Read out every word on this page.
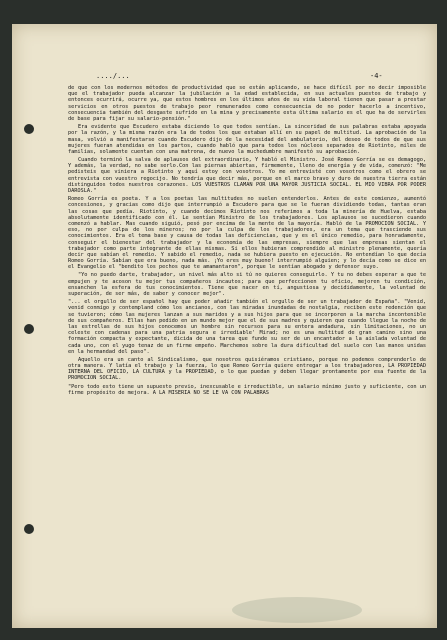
..../...	-4-

de que con los modernos métodos de productividad que se están aplicando, se hace difícil por no decir imposible que el trabajador pueda alcanzar la jubilación a la edad establecida, en sus actuales puestos de trabajo y entonces ocurrirá, ocurre ya, que estos hombres en los últimos años de su vida laboral tienen que pasar a prestar servicios en otros puestos de trabajo peor remunerados como consecuencia de no poder hacerlo a incentivo, consecuencia también del desgaste sufrido en la mina y precisamente esta última salario es el que ha de servirles de base para fijar su salario-pensión."

Era evidente que Escudero estaba diciendo lo que todos sentían. La sinceridad de sus palabras estaba apoyada por la razón, y la misma razón era la de todos los que estaban allí en su papel de multitud. La aprobación de la masa, volvió a manifestarse cuando Escudero dijo de la necesidad del ambulatorio, del deseo de todos de que sus mujeres fueran atendidas en los partos, cuando habló que para todos los núcleos separados de Riotinto, miles de familias, solamente cuentan con una matrona, de nuevo la muchedumbre manifestó su aprobación.

Cuando terminó la salva de aplausos del extraordinario, Y habló el Ministro. José Romeo Gorría se es demagogo, Y además, la verdad, no sabe serlo.Con las piernas abiertas, firmemente, lleno de energía y de vida, comenzó: "Me pedisteis que viniera a Riotinto y aquí estoy con vosotros. Yo me entrevisté con vosotros como el obrero se entrevista con vuestro regocijo. No tendría que decir más, porque en el marco bravo y duro de nuestra tierra están distinguidos todos nuestros corazones. LOS VUESTROS CLAMAN POR UNA MAYOR JUSTICIA SOCIAL. EL MIO VIBRA POR PODER DAROSLA."

Romeo Gorría es poeta. Y a los poetas las multitudes no suelen entenderlos. Antes de este comienzo, aumentó concesiones, y gracias como dijo que interrumpió a Escudero para que se le fueran dividiendo todas, tantas eran las cosas que pedía. Riotinto, y cuando decimos Riotinto nos referimos a toda la minería de Huelva, estaba absolutamente identificado con él. Le sentían Ministro de los trabajadores. Los aplausos se sucedieron cuando comenzó a hablar. Mas cuando siguió, pesó por encima de la mente de la mayoría. Habló de la PROMOCION SOCIAL. Y eso, no por culpa de los mineros; no por la culpa de los trabajadores, era un tema que trasciende sus conocimientos. Era el tema base y causa de todas las deficiencias, que y es el único remedio, para honradamente, conseguir el bienestar del trabajador y la economía de las empresas, siempre que las empresas sientan el trabajador como parte integrante de ellas mismas. Si ellos hubieran comprendido al ministro plenamente, quería decir que sabían el remedio. Y sabido el remedio, nada se hubiera puesto en ejecución. No entendían lo que decía Romeo Gorría. Sabían que era bueno, nada más. ¡Yo eres muy bueno! interrumpió alguien; y lo decía como se dice en el Evangelio el "bendito los pechos que te amamantaron", porque le sentían abogado y defensor suyo.

"Yo no puedo darte, trabajador, un nivel más alto si tú no quieres conseguirlo. Y tu no debes esperar a que te empujen y te acoson tu mejor tus compañeros incautos; para que perfeccionen tu oficio, mejoren tu condición, ensanchen la esfera de tus conocimientos. Tiene que nacer en tí, angustiosa y decididamente, la voluntad de superación, de ser más, de saber y conocer mejor".

"... el orgullo de ser español hay que poder añadir también el orgullo de ser un trabajador de España". "Venid, venid conmigo y contempland cómo los ancianos, con las miradas inundadas de nostalgia, reciben este redención que se tuvieron; cómo las mujeres lanzan a sus maridos y a sus hijos para que se incorporen a la marcha incontenible de sus compañeros. Ellas han pedido en un mundo mejor que el de sus madres y quieren que cuando llegue la noche de las estrellas de sus hijos conocemos un hombre sin recursos para su entera andadura, sin limitaciones, no un celeste con cadenas para una patria segura e irrediable' Mirad; no es una multitud de gran camino sino una formación compacta y expectante, dicida de una tarea que funde su ser de un encantador a la aislada voluntad de cada uno, con el yugo tenaz de un firme empeño. Marchemos sobre la dura dificultad del suelo con las manos unidas en la hermandad del paso".

Aquello era un canto al Sindicalismo, que nosotros quisiéramos cristiano, porque no podemos comprenderlo de otra manera. Y latía el trabajo y la fuerza, lo que Romeo Gorría quiere entregar a los trabajadores, LA PROPIEDAD INTERNA DEL OFICIO, LA CULTURA y la PROPIEDAD, o lo que puedan y deben llegar prontamente por esa fuente de la PROMOCION SOCIAL.

"Pero todo esto tiene un supuesto previo, inexcusable e irreductible, un salario mínimo justo y suficiente, con un firme propósito de mejora. A LA MISERIA NO SE LE VA CON PALABRAS
